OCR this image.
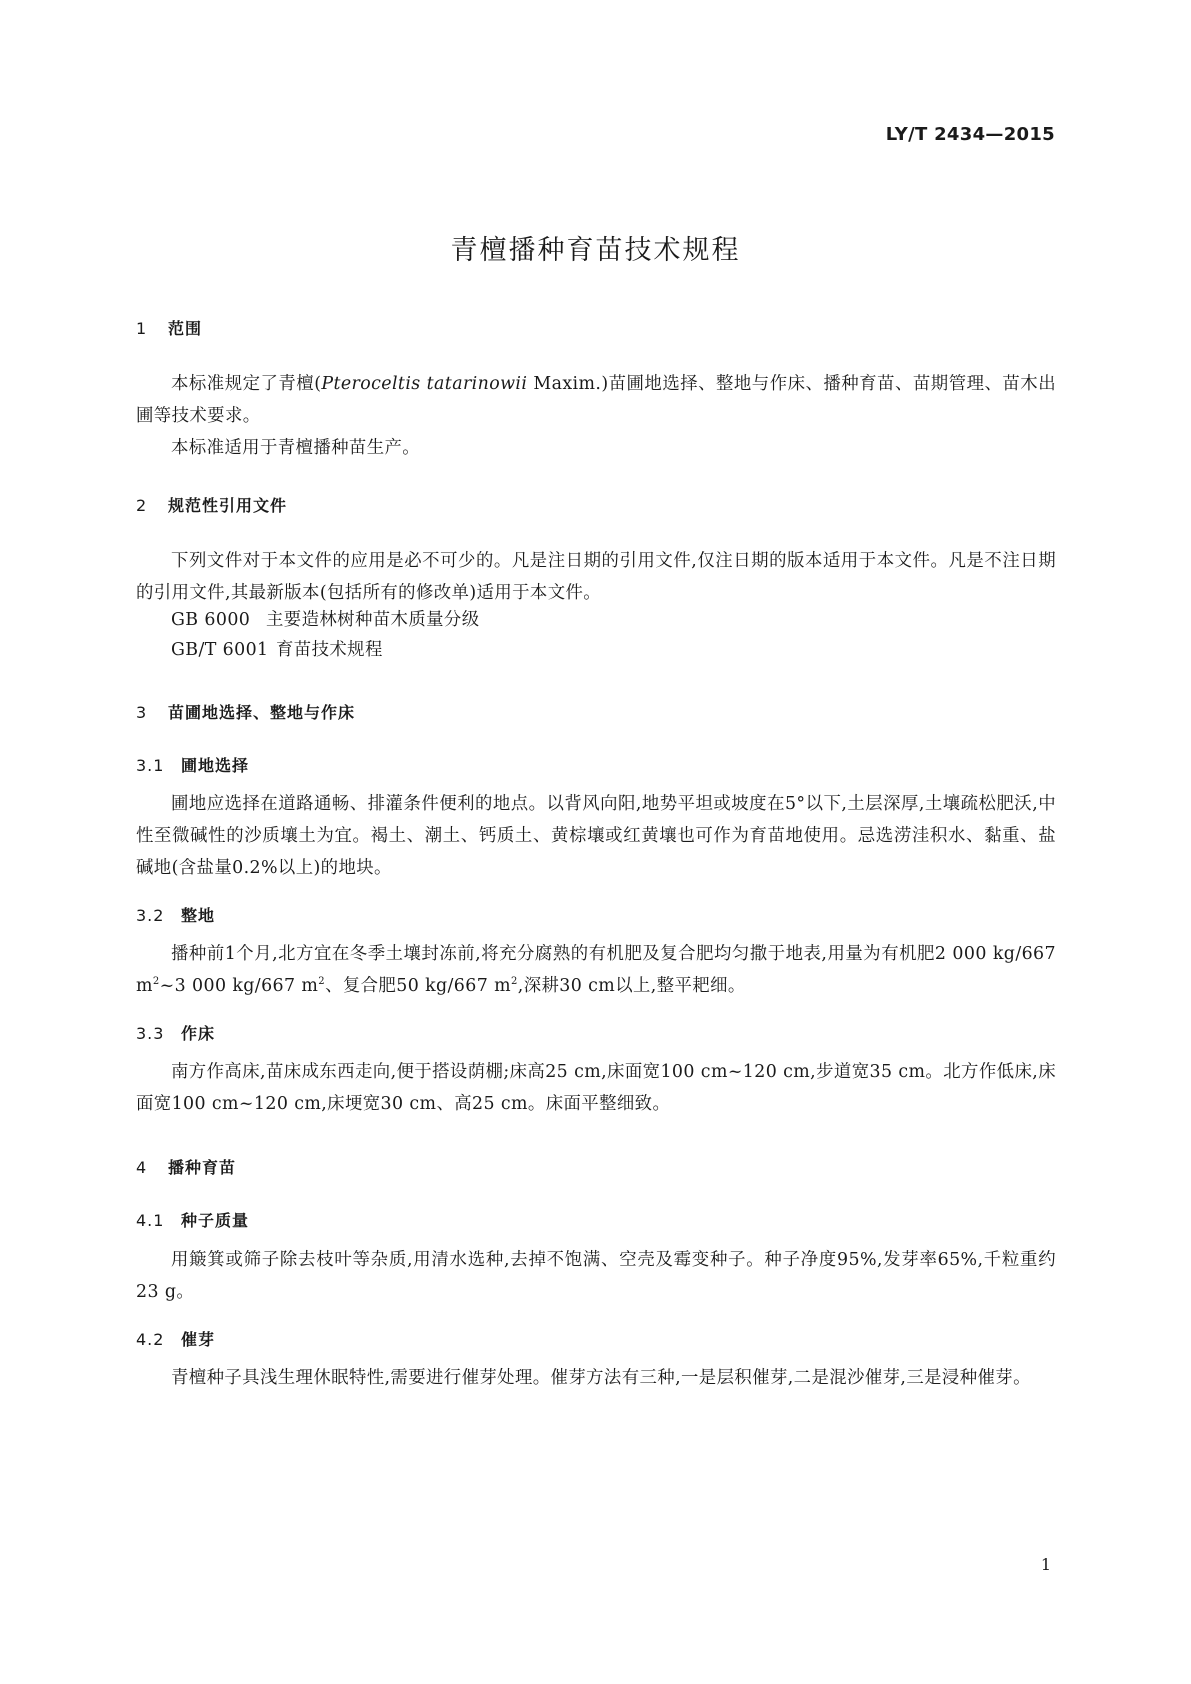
LY/T 2434—2015

青檀播种育苗技术规程
1 范围

本标准规定了青檀(Pteroceltis tatarinowii Maxim.)苗圃地选择、整地与作床、播种育苗、苗期管理、苗木出圃等技术要求。

本标准适用于青檀播种苗生产。

2 规范性引用文件

下列文件对于本文件的应用是必不可少的。凡是注日期的引用文件,仅注日期的版本适用于本文件。凡是不注日期的引用文件,其最新版本(包括所有的修改单)适用于本文件。

GB 6000 主要造林树种苗木质量分级

GB/T 6001 育苗技术规程

3 苗圃地选择、整地与作床
3.1 圃地选择

圃地应选择在道路通畅、排灌条件便利的地点。以背风向阳,地势平坦或坡度在5°以下,土层深厚,土壤疏松肥沃,中性至微碱性的沙质壤土为宜。褐土、潮土、钙质土、黄棕壤或红黄壤也可作为育苗地使用。忌选涝洼积水、黏重、盐碱地(含盐量0.2%以上)的地块。

3.2 整地

播种前1个月,北方宜在冬季土壤封冻前,将充分腐熟的有机肥及复合肥均匀撒于地表,用量为有机肥2 000 kg/667 $m^2\sim 3$ 000 kg/667 $m^2$、复合肥50 kg/667 $m^2$,深耕30 cm以上,整平耙细。

3.3 作床

南方作高床,苗床成东西走向,便于搭设荫棚;床高25 cm,床面宽100 cm~120 cm,步道宽35 cm。北方作低床,床面宽100 cm~120 cm,床埂宽30 cm、高25 cm。床面平整细致。

4 播种育苗
4.1 种子质量

用簸箕或筛子除去枝叶等杂质,用清水选种,去掉不饱满、空壳及霉变种子。种子净度95%,发芽率65%,千粒重约23 g。

4.2 催芽

青檀种子具浅生理休眠特性,需要进行催芽处理。催芽方法有三种,一是层积催芽,二是混沙催芽,三是浸种催芽。

1
